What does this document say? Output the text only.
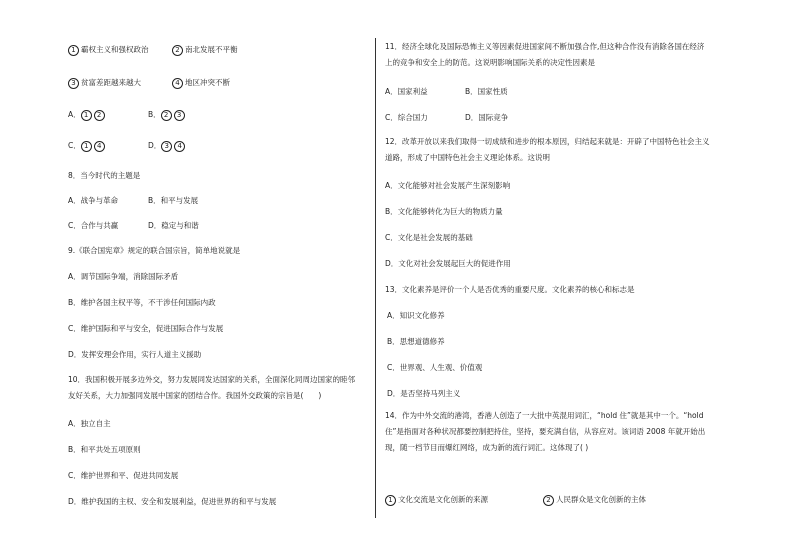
1 霸权主义和强权政治	2 南北发展不平衡
3 贫富差距越来越大	4 地区冲突不断
A． 1 2	B． 2 3
C． 1 4	D． 3 4
8．当今时代的主题是
A．战争与革命	B．和平与发展
C．合作与共赢	D．稳定与和谐
9.《联合国宪章》规定的联合国宗旨，简单地说就是
A．调节国际争端，消除国际矛盾
B．维护各国主权平等，不干涉任何国际内政
C．维护国际和平与安全，促进国际合作与发展
D．发挥安理会作用，实行人道主义援助
10．我国积极开展多边外交，努力发展同发达国家的关系，全面深化同周边国家的睦邻友好关系，大力加强同发展中国家的团结合作。我国外交政策的宗旨是(　　)
A．独立自主
B．和平共处五项原则
C．维护世界和平、促进共同发展
D．维护我国的主权、安全和发展利益，促进世界的和平与发展
11．经济全球化及国际恐怖主义等因素促进国家间不断加强合作,但这种合作没有消除各国在经济上的竞争和安全上的防范。这说明影响国际关系的决定性因素是
A．国家利益	B．国家性质
C．综合国力	D．国际竞争
12．改革开放以来我们取得一切成绩和进步的根本原因，归结起来就是：开辟了中国特色社会主义道路，形成了中国特色社会主义理论体系。这说明
A．文化能够对社会发展产生深刻影响
B．文化能够转化为巨大的物质力量
C．文化是社会发展的基础
D．文化对社会发展起巨大的促进作用
13．文化素养是评价一个人是否优秀的重要尺度。文化素养的核心和标志是
A．知识文化修养
B．思想道德修养
C．世界观、人生观、价值观
D．是否坚持马列主义
14．作为中外交流的港湾，香港人创造了一大批中英混用词汇，“hold 住”就是其中一个。“hold 住”是指面对各种状况都要控制把持住，坚持，要充满自信，从容应对。该词语 2008 年就开始出现，随一档节目而爆红网络，成为新的流行词汇。这体现了( )
1 文化交流是文化创新的来源	2 人民群众是文化创新的主体
